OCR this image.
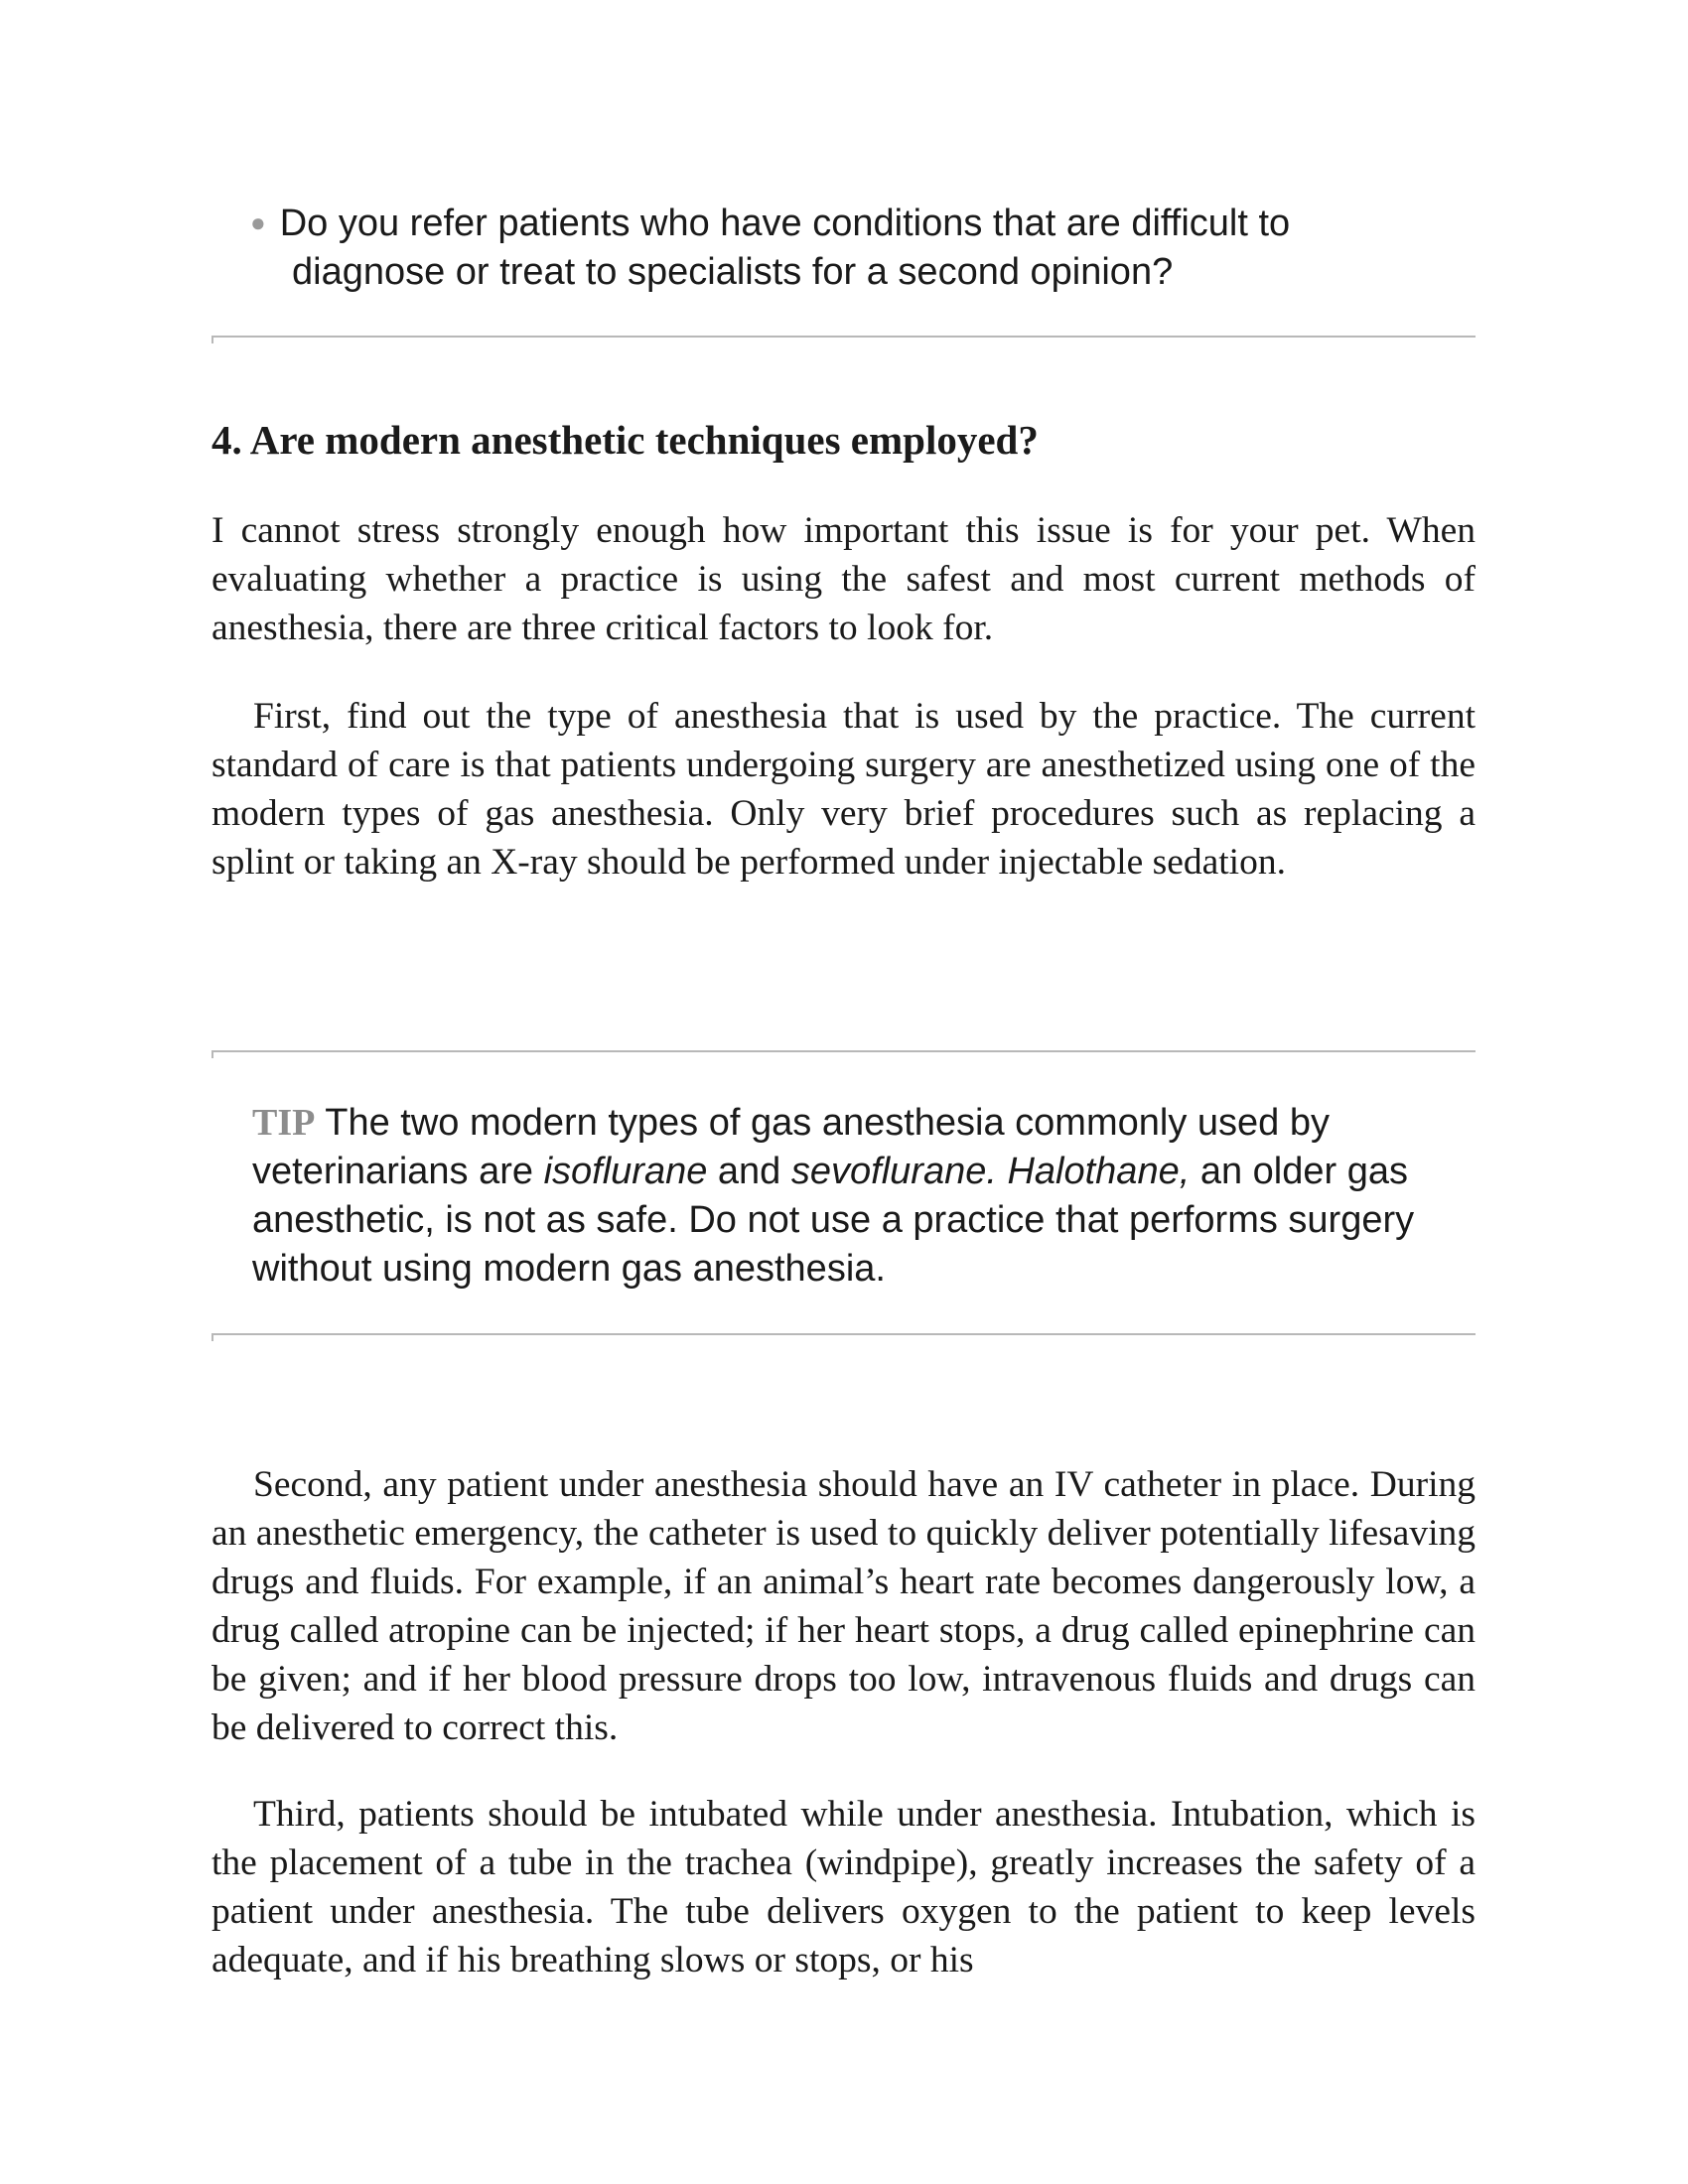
● Do you refer patients who have conditions that are difficult to
diagnose or treat to specialists for a second opinion?
4. Are modern anesthetic techniques employed?

I cannot stress strongly enough how important this issue is for your pet. When evaluating whether a practice is using the safest and most current methods of anesthesia, there are three critical factors to look for.

First, find out the type of anesthesia that is used by the practice. The current standard of care is that patients undergoing surgery are anesthetized using one of the modern types of gas anesthesia. Only very brief procedures such as replacing a splint or taking an X-ray should be performed under injectable sedation.

TIP The two modern types of gas anesthesia commonly used by veterinarians are isoflurane and sevoflurane. Halothane, an older gas anesthetic, is not as safe. Do not use a practice that performs surgery without using modern gas anesthesia.

Second, any patient under anesthesia should have an IV catheter in place. During an anesthetic emergency, the catheter is used to quickly deliver potentially lifesaving drugs and fluids. For example, if an animal’s heart rate becomes dangerously low, a drug called atropine can be injected; if her heart stops, a drug called epinephrine can be given; and if her blood pressure drops too low, intravenous fluids and drugs can be delivered to correct this.

Third, patients should be intubated while under anesthesia. Intubation, which is the placement of a tube in the trachea (windpipe), greatly increases the safety of a patient under anesthesia. The tube delivers oxygen to the patient to keep levels adequate, and if his breathing slows or stops, or his
